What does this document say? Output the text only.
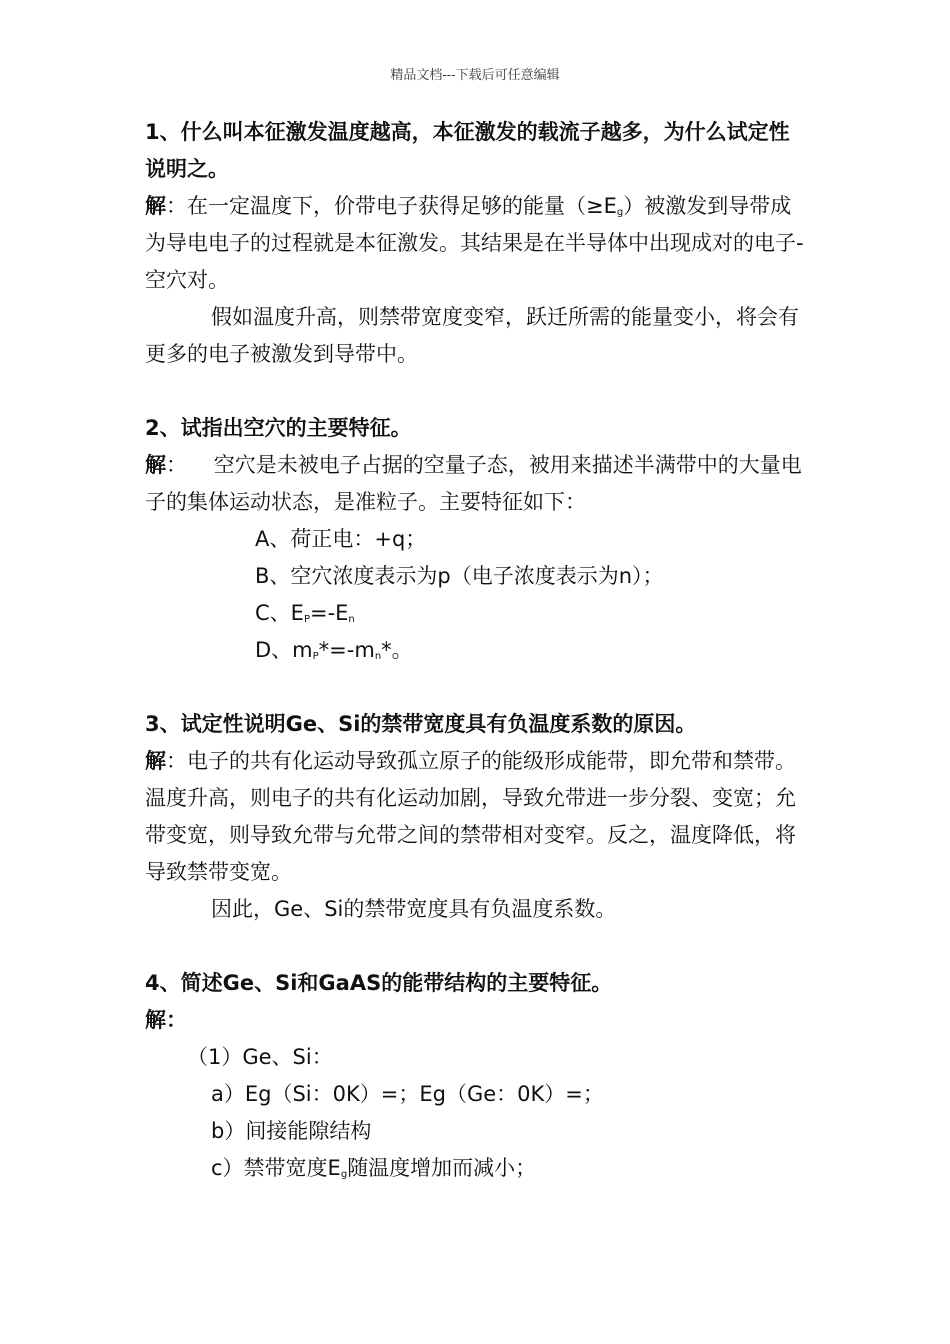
精品文档---下载后可任意编辑

1、什么叫本征激发温度越高，本征激发的载流子越多，为什么试定性说明之。

解：在一定温度下，价带电子获得足够的能量$(\ge E_g)$被激发到导带成为导电电子的过程就是本征激发。其结果是在半导体中出现成对的电子-空穴对。

假如温度升高，则禁带宽度变窄，跃迁所需的能量变小，将会有更多的电子被激发到导带中。

2、试指出空穴的主要特征。

解：    空穴是未被电子占据的空量子态，被用来描述半满带中的大量电子的集体运动状态，是准粒子。主要特征如下：

A、荷正电：+q；

B、空穴浓度表示为p（电子浓度表示为n）；

C、$E_P=-E_n$

D、$m_P*=-m_n*$。

3、试定性说明Ge、Si的禁带宽度具有负温度系数的原因。

解：电子的共有化运动导致孤立原子的能级形成能带，即允带和禁带。温度升高，则电子的共有化运动加剧，导致允带进一步分裂、变宽；允带变宽，则导致允带与允带之间的禁带相对变窄。反之，温度降低，将导致禁带变宽。

因此，Ge、Si的禁带宽度具有负温度系数。

4、简述Ge、Si和GaAS的能带结构的主要特征。

解：

（1）Ge、Si：

a）Eg（Si：0K）=；Eg（Ge：0K）=；

b）间接能隙结构

c）禁带宽度$E_g$随温度增加而减小；
